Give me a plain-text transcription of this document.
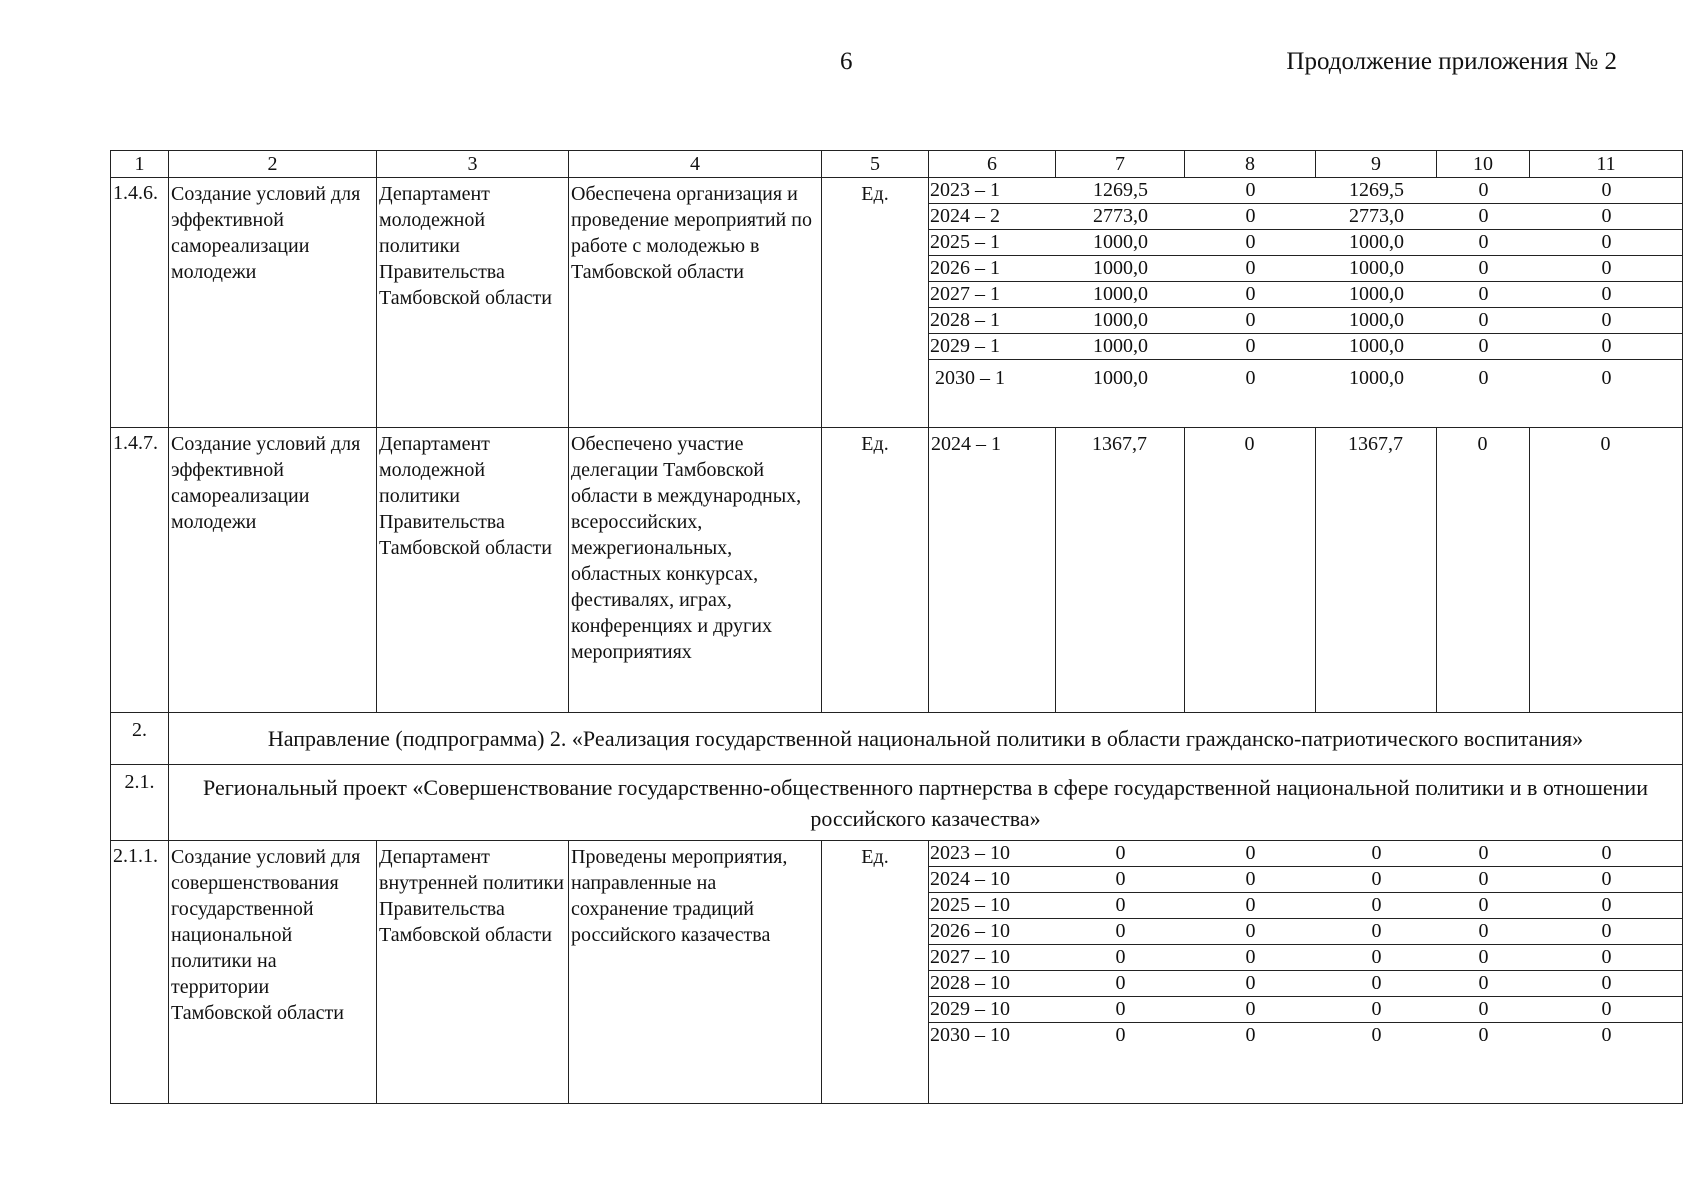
6	Продолжение приложения № 2
1	2	3	4	5	6	7	8	9	10	11
1.4.6.	Создание условий для эффективной самореализации молодежи	Департамент молодежной политики Правительства Тамбовской области	Обеспечена организация и проведение мероприятий по работе с молодежью в Тамбовской области	Ед.	2023 – 1	1269,5	0	1269,5	0	0
2024 – 2	2773,0	0	2773,0	0	0
2025 – 1	1000,0	0	1000,0	0	0
2026 – 1	1000,0	0	1000,0	0	0
2027 – 1	1000,0	0	1000,0	0	0
2028 – 1	1000,0	0	1000,0	0	0
2029 – 1	1000,0	0	1000,0	0	0
2030 – 1	1000,0	0	1000,0	0	0

1.4.7.	Создание условий для эффективной самореализации молодежи	Департамент молодежной политики Правительства Тамбовской области	Обеспечено участие делегации Тамбовской области в международных, всероссийских, межрегиональных, областных конкурсах, фестивалях, играх, конференциях и других мероприятиях	Ед.	2024 – 1	1367,7	0	1367,7	0	0
2.	Направление (подпрограмма) 2. «Реализация государственной национальной политики в области гражданско-патриотического воспитания»
2.1.	Региональный проект «Совершенствование государственно-общественного партнерства в сфере государственной национальной политики и в отношении российского казачества»
2.1.1.	Создание условий для совершенствования государственной национальной политики на территории Тамбовской области	Департамент внутренней политики Правительства Тамбовской области	Проведены мероприятия, направленные на сохранение традиций российского казачества	Ед.	2023 – 10	0	0	0	0	0
2024 – 10	0	0	0	0	0
2025 – 10	0	0	0	0	0
2026 – 10	0	0	0	0	0
2027 – 10	0	0	0	0	0
2028 – 10	0	0	0	0	0
2029 – 10	0	0	0	0	0
2030 – 10	0	0	0	0	0
